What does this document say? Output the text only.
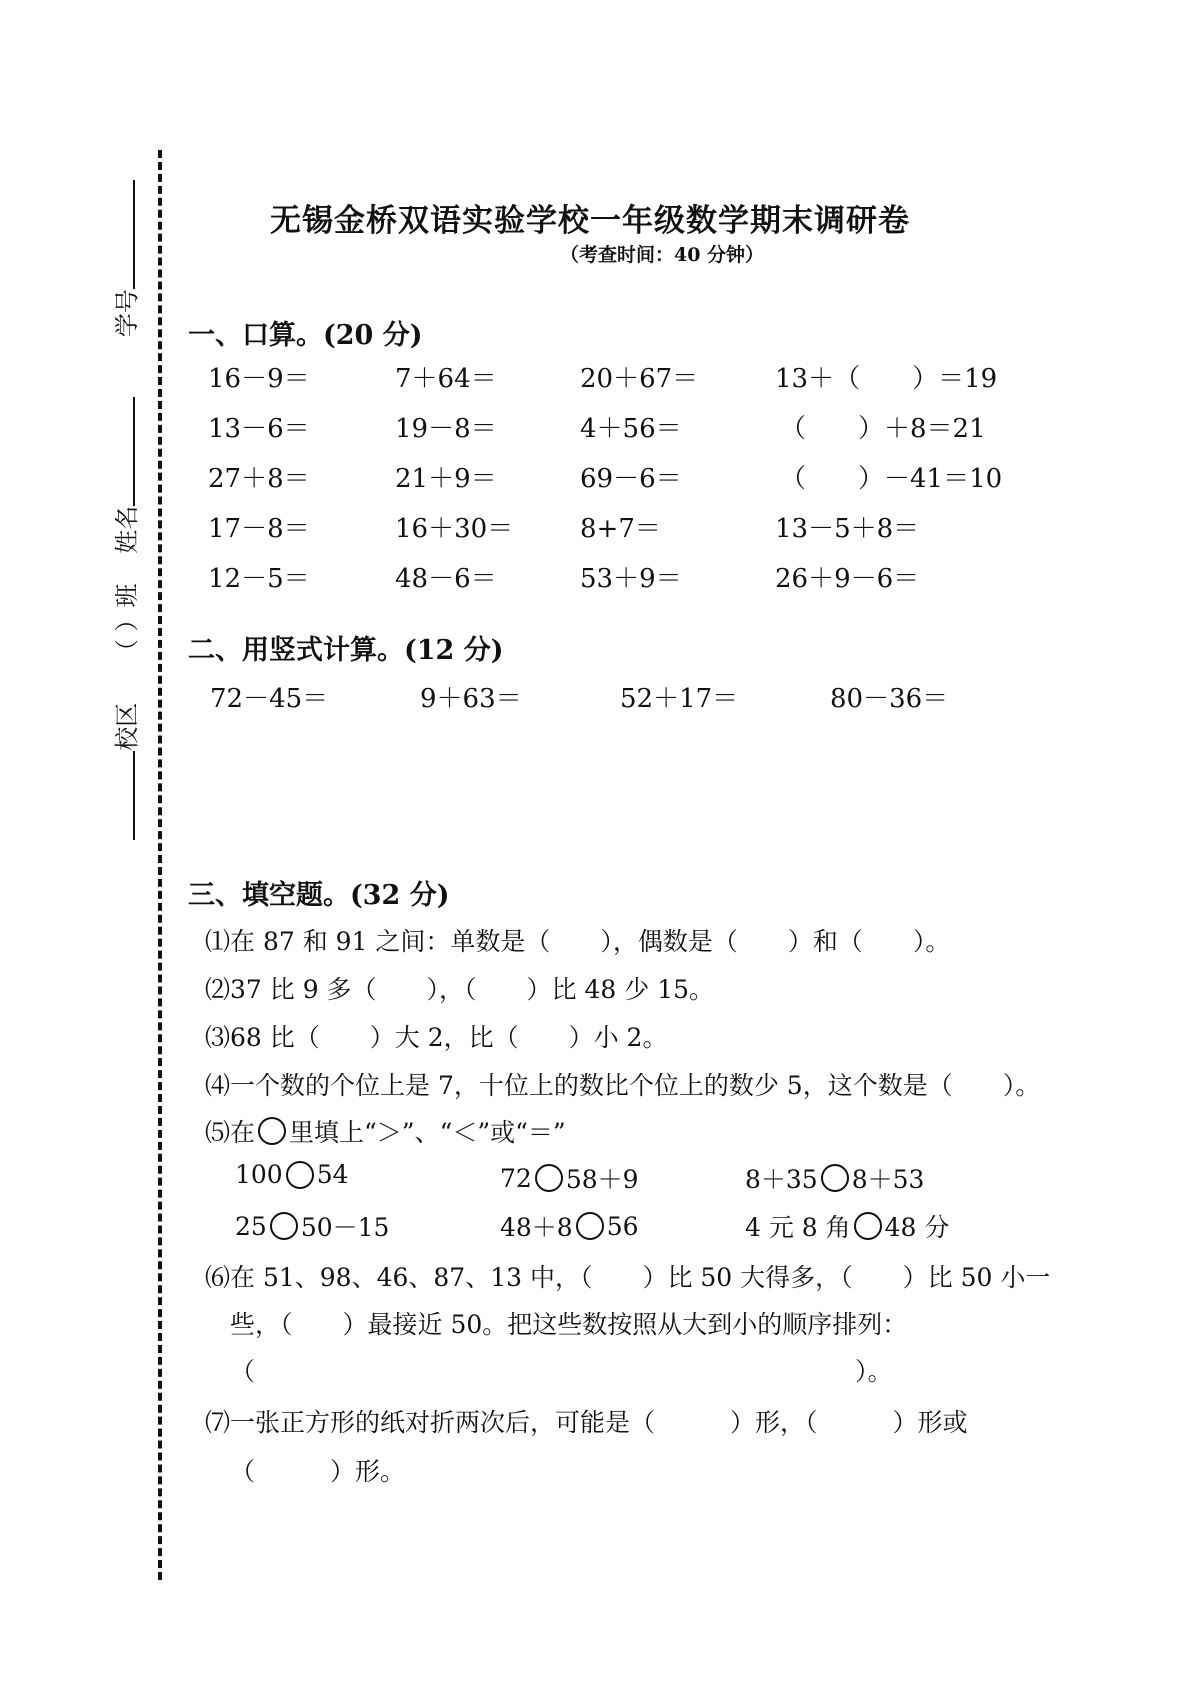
校区
（ ）班
姓名
学号
无锡金桥双语实验学校一年级数学期末调研卷
（考查时间：40 分钟）
一、口算。(20 分)
16－9＝	7＋64＝	20＋67＝	13＋（　　）＝19
13－6＝	19－8＝	4＋56＝	（　　）＋8＝21
27＋8＝	21＋9＝	69－6＝	（　　）－41＝10
17－8＝	16＋30＝	8+7＝	13－5＋8＝
12－5＝	48－6＝	53＋9＝	26＋9－6＝
二、用竖式计算。(12 分)
72－45＝	9＋63＝	52＋17＝	80－36＝
三、填空题。(32 分)
⑴在 87 和 91 之间：单数是（　　），偶数是（　　）和（　　）。
⑵37 比 9 多（　　），（　　）比 48 少 15。
⑶68 比（　　）大 2，比（　　）小 2。
⑷一个数的个位上是 7，十位上的数比个位上的数少 5，这个数是（　　）。
⑸在 里填上“＞”、“＜”或“＝”
100 54	72 58＋9	8＋35 8＋53
25 50－15	48＋8 56	4 元 8 角 48 分
⑹在 51、98、46、87、13 中，（　　）比 50 大得多，（　　）比 50 小一
些，（　　）最接近 50。把这些数按照从大到小的顺序排列：
（　　　　　　　　　　　　　　　　　　　　　　　　）。
⑺一张正方形的纸对折两次后，可能是（　　　）形，（　　　）形或
（　　　）形。
